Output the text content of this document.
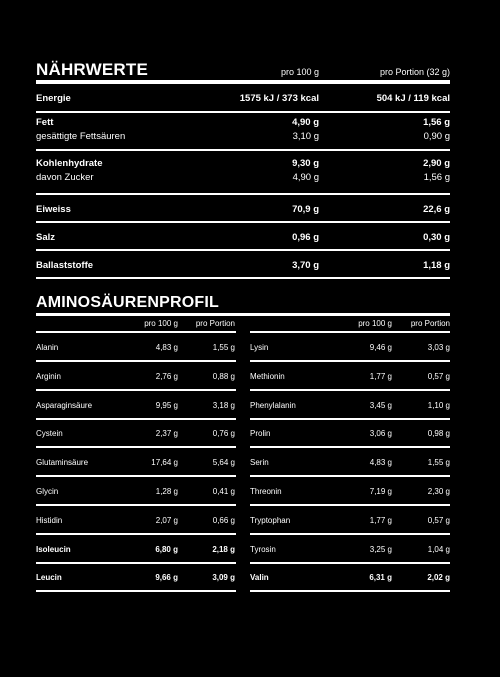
NÄHRWERTE	pro 100 g	pro Portion (32 g)
Energie	1575 kJ / 373 kcal	504 kJ / 119 kcal
Fett	4,90 g	1,56 g
gesättigte Fettsäuren	3,10 g	0,90 g
Kohlenhydrate	9,30 g	2,90 g
davon Zucker	4,90 g	1,56 g
Eiweiss	70,9 g	22,6 g
Salz	0,96 g	0,30 g
Ballaststoffe	3,70 g	1,18 g
AMINOSÄURENPROFIL
pro 100 g pro Portion	pro 100 g pro Portion
Alanin	4,83 g	1,55 g
Arginin	2,76 g	0,88 g
Asparaginsäure	9,95 g	3,18 g
Cystein	2,37 g	0,76 g
Glutaminsäure	17,64 g	5,64 g
Glycin	1,28 g	0,41 g
Histidin	2,07 g	0,66 g
Isoleucin	6,80 g	2,18 g
Leucin	9,66 g	3,09 g
Lysin	9,46 g	3,03 g
Methionin	1,77 g	0,57 g
Phenylalanin	3,45 g	1,10 g
Prolin	3,06 g	0,98 g
Serin	4,83 g	1,55 g
Threonin	7,19 g	2,30 g
Tryptophan	1,77 g	0,57 g
Tyrosin	3,25 g	1,04 g
Valin	6,31 g	2,02 g
